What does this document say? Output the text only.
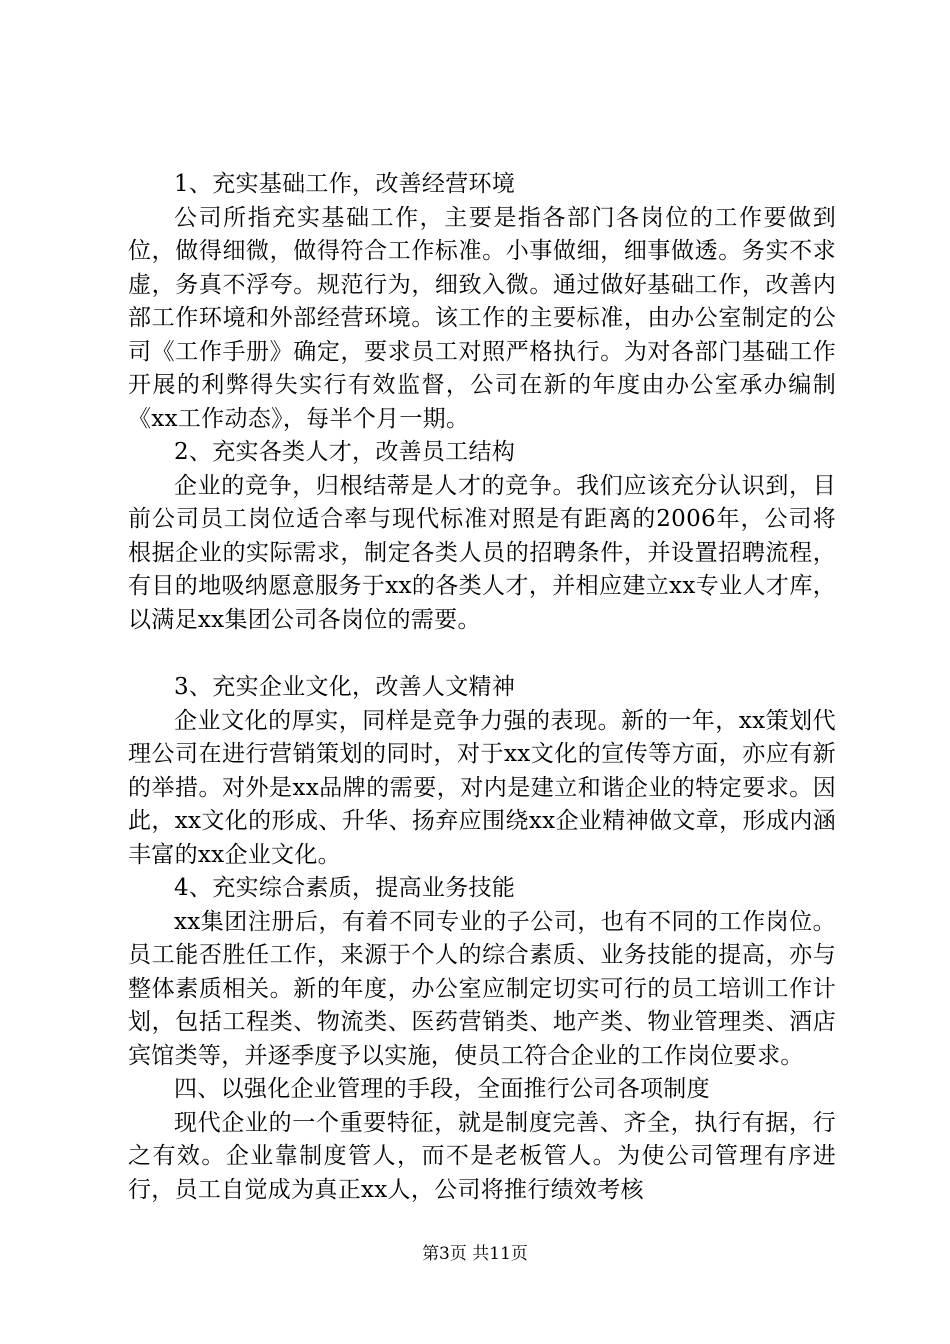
1、充实基础工作，改善经营环境

公司所指充实基础工作，主要是指各部门各岗位的工作要做到位，做得细微，做得符合工作标准。小事做细，细事做透。务实不求虚，务真不浮夸。规范行为，细致入微。通过做好基础工作，改善内部工作环境和外部经营环境。该工作的主要标准，由办公室制定的公司《工作手册》确定，要求员工对照严格执行。为对各部门基础工作开展的利弊得失实行有效监督，公司在新的年度由办公室承办编制《xx工作动态》，每半个月一期。

2、充实各类人才，改善员工结构

企业的竞争，归根结蒂是人才的竞争。我们应该充分认识到，目前公司员工岗位适合率与现代标准对照是有距离的2006年，公司将根据企业的实际需求，制定各类人员的招聘条件，并设置招聘流程，有目的地吸纳愿意服务于xx的各类人才，并相应建立xx专业人才库，以满足xx集团公司各岗位的需要。

3、充实企业文化，改善人文精神

企业文化的厚实，同样是竞争力强的表现。新的一年，xx策划代理公司在进行营销策划的同时，对于xx文化的宣传等方面，亦应有新的举措。对外是xx品牌的需要，对内是建立和谐企业的特定要求。因此，xx文化的形成、升华、扬弃应围绕xx企业精神做文章，形成内涵丰富的xx企业文化。

4、充实综合素质，提高业务技能

xx集团注册后，有着不同专业的子公司，也有不同的工作岗位。员工能否胜任工作，来源于个人的综合素质、业务技能的提高，亦与整体素质相关。新的年度，办公室应制定切实可行的员工培训工作计划，包括工程类、物流类、医药营销类、地产类、物业管理类、酒店宾馆类等，并逐季度予以实施，使员工符合企业的工作岗位要求。

四、以强化企业管理的手段，全面推行公司各项制度

现代企业的一个重要特征，就是制度完善、齐全，执行有据，行之有效。企业靠制度管人，而不是老板管人。为使公司管理有序进行，员工自觉成为真正xx人，公司将推行绩效考核

第3页 共11页
